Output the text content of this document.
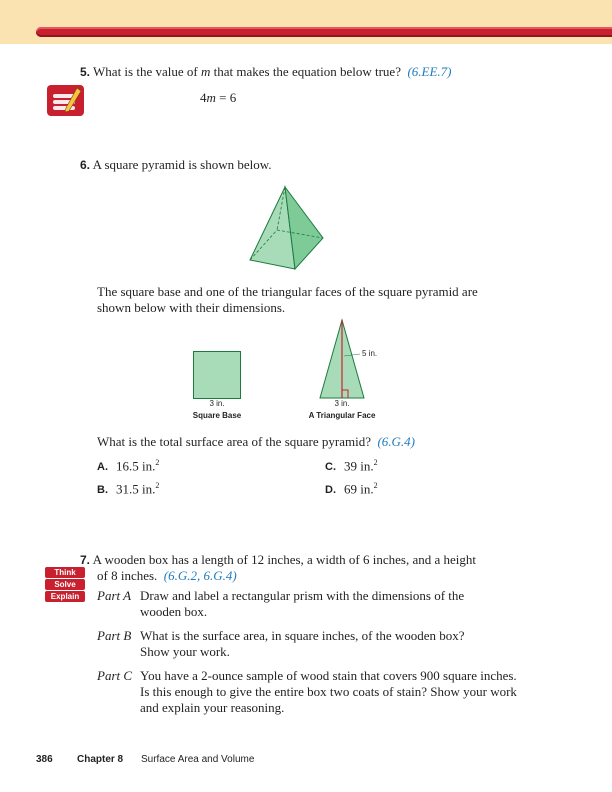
5. What is the value of m that makes the equation below true? (6.EE.7)
4m = 6
6. A square pyramid is shown below.
The square base and one of the triangular faces of the square pyramid are
shown below with their dimensions.
3 in.
Square Base
5 in.
3 in.
A Triangular Face
What is the total surface area of the square pyramid? (6.G.4)
A. 16.5 in.$^2$
B. 31.5 in.$^2$
C. 39 in.$^2$
D. 69 in.$^2$
7. A wooden box has a length of 12 inches, a width of 6 inches, and a height
of 8 inches. (6.G.2, 6.G.4)
Think
Solve
Explain	Part A Draw and label a rectangular prism with the dimensions of the
wooden box.
Part B What is the surface area, in square inches, of the wooden box?
Show your work.
Part C You have a 2-ounce sample of wood stain that covers 900 square inches.
Is this enough to give the entire box two coats of stain? Show your work
and explain your reasoning.
386 Chapter 8 Surface Area and Volume
